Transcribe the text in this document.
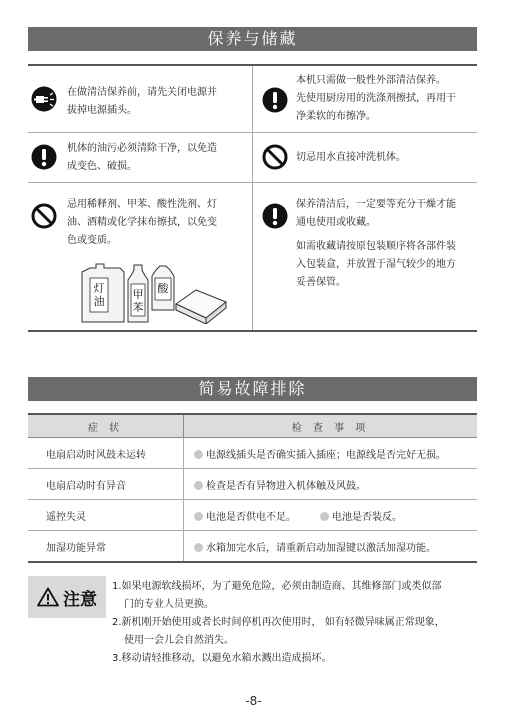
保养与储藏
在做清洁保养前，请先关闭电源并
拔掉电源插头。
本机只需做一般性外部清洁保养。
先使用厨房用的洗涤剂擦拭，再用干
净柔软的布擦净。
机体的油污必须清除干净，以免造
成变色、破损。
切忌用水直接冲洗机体。
忌用稀释剂、甲苯、酸性洗剂、灯
油、酒精或化学抹布擦拭，以免变
色或变质。
灯油
甲苯
酸
保养清洁后，一定要等充分干燥才能
通电使用或收藏。
如需收藏请按原包装顺序将各部件装
入包装盒，并放置于湿气较少的地方
妥善保管。
简易故障排除
症 状	检 查 事 项
电扇启动时风鼓未运转	电源线插头是否确实插入插座；电源线是否完好无损。
电扇启动时有异音	检查是否有异物进入机体触及风鼓。
遥控失灵	电池是否供电不足。 电池是否装反。
加湿功能异常	水箱加完水后，请重新启动加湿键以激活加湿功能。
注意
1.如果电源软线损坏，为了避免危险，必须由制造商、其维修部门或类似部
门的专业人员更换。
2.新机刚开始使用或者长时间停机再次使用时， 如有轻微异味属正常现象，
使用一会儿会自然消失。
3.移动请轻推移动，以避免水箱水溅出造成损坏。
-8-
